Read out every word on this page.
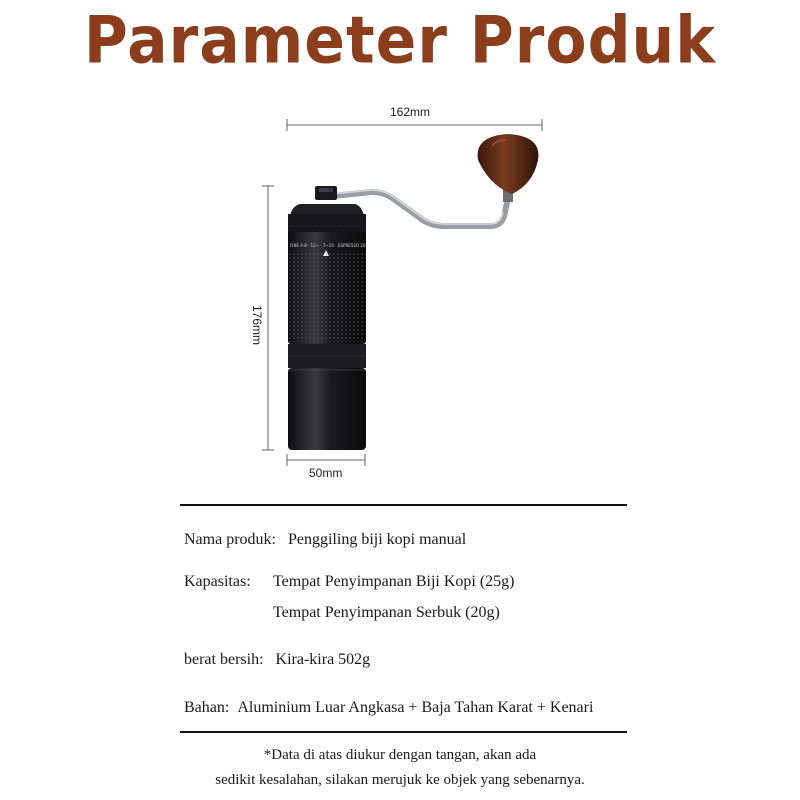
Parameter Produk
FINE 4-8 · 12~ · 7~10 ESPRESSO 20
162mm
176mm
50mm
Nama produk: Penggiling biji kopi manual
Kapasitas: Tempat Penyimpanan Biji Kopi (25g)
Tempat Penyimpanan Serbuk (20g)
berat bersih: Kira-kira 502g
Bahan: Aluminium Luar Angkasa + Baja Tahan Karat + Kenari
*Data di atas diukur dengan tangan, akan ada
sedikit kesalahan, silakan merujuk ke objek yang sebenarnya.
